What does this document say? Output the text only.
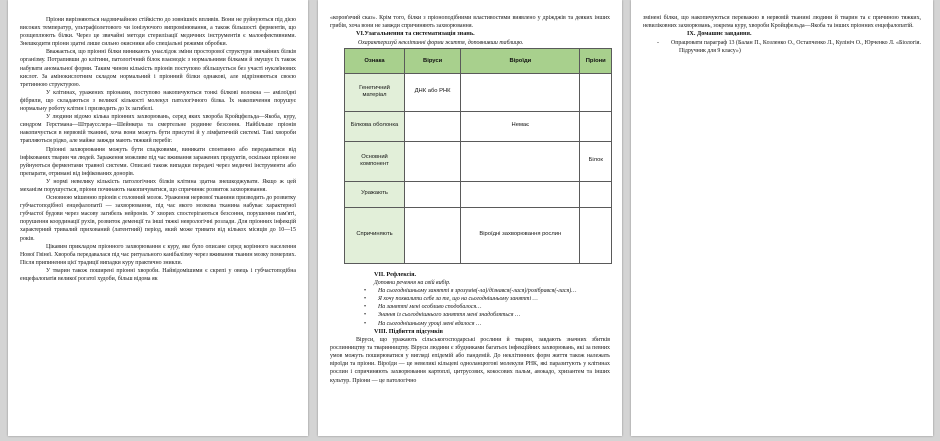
Пріони вирізняються надзвичайною стійкістю до зовнішніх впливів. Вони не руйнуються під дією високих температур, ультрафіолетового чи іонізуючого випромінювання, а також більшості ферментів, що розщеплюють білки. Через це звичайні методи стерилізації медичних інструментів є малоефективними. Знешкодити пріони здатні лише сильно окисники або спеціальні режими обробки.

Вважається, що пріонні білки виникають унаслідок зміни просторової структури звичайних білків організму. Потрапивши до клітини, патологічний білок взаємодіє з нормальними білками й змушує їх також набувати аномальної форми. Таким чином кількість пріонів поступово збільшується без участі нуклеїнових кислот. За амінокислотним складом нормальний і пріонний білки однакові, але відрізняються своєю третинною структурою.

У клітинах, уражених пріонами, поступово накопичуються тонкі білкові волокна — амілоїдні фібрили, що складаються з великої кількості молекул патологічного білка. Їх накопичення порушує нормальну роботу клітин і призводить до їх загибелі.

У людини відомо кілька пріонних захворювань, серед яких хвороба Кройцфельда—Якоба, куру, синдром Герстмана—Штраусслера—Шейнкера та смертельне родинне безсоння. Найбільше пріонів накопичується в нервовій тканині, хоча вони можуть бути присутні й у лімфатичній системі. Такі хвороби трапляються рідко, але майже завжди мають тяжкий перебіг.

Пріонні захворювання можуть бути спадковими, виникати спонтанно або передаватися від інфікованих тварин чи людей. Зараження можливе під час вживання заражених продуктів, оскільки пріони не руйнуються ферментами травної системи. Описані також випадки передачі через медичні інструменти або препарати, отримані від інфікованих донорів.

У нормі невелику кількість патологічних білків клітина здатна знешкоджувати. Якщо ж цей механізм порушується, пріони починають накопичуватися, що спричиняє розвиток захворювання.

Основною мішенню пріонів є головний мозок. Ураження нервової тканини призводить до розвитку губчастоподібної енцефалопатії — захворювання, під час якого мозкова тканина набуває характерної губчастої будови через масову загибель нейронів. У хворих спостерігаються безсоння, порушення пам'яті, порушення координації рухів, розвиток деменції та інші тяжкі неврологічні розлади. Для пріонних інфекцій характерний тривалий прихований (латентний) період, який може тривати від кількох місяців до 10—15 років.

Цікавим прикладом пріонного захворювання є куру, яке було описане серед корінного населення Нової Гвінеї. Хвороба передавалася під час ритуального канібалізму через вживання тканин мозку померлих. Після припинення цієї традиції випадки куру практично зникли.

У тварин також поширені пріонні хвороби. Найвідомішими є скрепі у овець і губчастоподібна енцефалопатія великої рогатої худоби, більш відома як

«коров'ячий сказ». Крім того, білки з пріоноподібними властивостями виявлено у дріжджів та деяких інших грибів, хоча вони не завжди спричиняють захворювання.

VI.Узагальнення та систематизація знань.

Охарактеризуй неклітинні форми життя, доповнивши таблицю.

Ознака	Віруси	Віроїди	Пріони
Генетичний матеріал	ДНК або РНК		
Білкова оболонка		Немає	
Основний компонент			Білок
Уражають			
Спричиняють		Віроїдні захворювання рослин	

VII. Рефлексія.

Доповни речення на свій вибір.

• На сьогоднішньому занятті я зрозумів(-ла)/дізнався(-лася)/розібрався(-лася)…
• Я хочу похвалити себе за те, що на сьогоднішньому занятті …
• На занятті мені особливо сподобалося…
• Знання із сьогоднішнього заняття мені знадобляться …
• На сьогоднішньому уроці мені вдалося …

VIII. Підбиття підсумків

Віруси, що уражають сільськогосподарські рослини й тварин, завдають значних збитків рослинництву та тваринництву. Віруси людини є збудниками багатьох інфекційних захворювань, які за певних умов можуть поширюватися у вигляді епідемій або пандемій. До неклітинних форм життя також належать віроїди та пріони. Віроїди — це невеликі кільцеві одноланцюгові молекули РНК, які паразитують у клітинах рослин і спричиняють захворювання картоплі, цитрусових, кокосових пальм, авокадо, хризантем та інших культур. Пріони — це патологічно

змінені білки, що накопичуються переважно в нервовій тканині людини й тварин та є причиною тяжких, невиліковних захворювань, зокрема куру, хвороби Кройцфельда—Якоба та інших пріонних енцефалопатій.

IX. Домашнє завдання.

-	Опрацювати параграф 13 (Балан П., Козленко О., Остапченко Л., Кулініч О., Юрченко Л. «Біологія. Підручник для 9 класу»)
